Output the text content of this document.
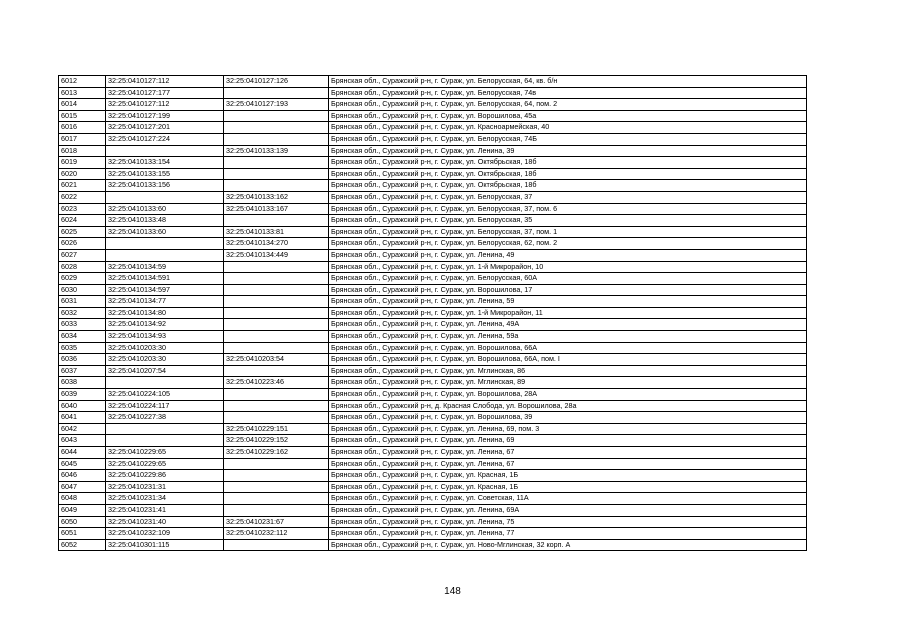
6012	32:25:0410127:112	32:25:0410127:126	Брянская обл., Суражский р-н, г. Сураж, ул. Белорусская, 64, кв. б/н
6013	32:25:0410127:177		Брянская обл., Суражский р-н, г. Сураж, ул. Белорусская, 74в
6014	32:25:0410127:112	32:25:0410127:193	Брянская обл., Суражский р-н, г. Сураж, ул. Белорусская, 64, пом. 2
6015	32:25:0410127:199		Брянская обл., Суражский р-н, г. Сураж, ул. Ворошилова, 45а
6016	32:25:0410127:201		Брянская обл., Суражский р-н, г. Сураж, ул. Красноармейская, 40
6017	32:25:0410127:224		Брянская обл., Суражский р-н, г. Сураж, ул. Белорусская, 74Б
6018		32:25:0410133:139	Брянская обл., Суражский р-н, г. Сураж, ул. Ленина, 39
6019	32:25:0410133:154		Брянская обл., Суражский р-н, г. Сураж, ул. Октябрьская, 18б
6020	32:25:0410133:155		Брянская обл., Суражский р-н, г. Сураж, ул. Октябрьская, 18б
6021	32:25:0410133:156		Брянская обл., Суражский р-н, г. Сураж, ул. Октябрьская, 18б
6022		32:25:0410133:162	Брянская обл., Суражский р-н, г. Сураж, ул. Белорусская, 37
6023	32:25:0410133:60	32:25:0410133:167	Брянская обл., Суражский р-н, г. Сураж, ул. Белорусская, 37, пом. 6
6024	32:25:0410133:48		Брянская обл., Суражский р-н, г. Сураж, ул. Белорусская, 35
6025	32:25:0410133:60	32:25:0410133:81	Брянская обл., Суражский р-н, г. Сураж, ул. Белорусская, 37, пом. 1
6026		32:25:0410134:270	Брянская обл., Суражский р-н, г. Сураж, ул. Белорусская, 62, пом. 2
6027		32:25:0410134:449	Брянская обл., Суражский р-н, г. Сураж, ул. Ленина, 49
6028	32:25:0410134:59		Брянская обл., Суражский р-н, г. Сураж, ул. 1-й Микрорайон, 10
6029	32:25:0410134:591		Брянская обл., Суражский р-н, г. Сураж, ул. Белорусская, 60А
6030	32:25:0410134:597		Брянская обл., Суражский р-н, г. Сураж, ул. Ворошилова, 17
6031	32:25:0410134:77		Брянская обл., Суражский р-н, г. Сураж, ул. Ленина, 59
6032	32:25:0410134:80		Брянская обл., Суражский р-н, г. Сураж, ул. 1-й Микрорайон, 11
6033	32:25:0410134:92		Брянская обл., Суражский р-н, г. Сураж, ул. Ленина, 49А
6034	32:25:0410134:93		Брянская обл., Суражский р-н, г. Сураж, ул. Ленина, 59а
6035	32:25:0410203:30		Брянская обл., Суражский р-н, г. Сураж, ул. Ворошилова, 66А
6036	32:25:0410203:30	32:25:0410203:54	Брянская обл., Суражский р-н, г. Сураж, ул. Ворошилова, 66А, пом. I
6037	32:25:0410207:54		Брянская обл., Суражский р-н, г. Сураж, ул. Мглинская, 86
6038		32:25:0410223:46	Брянская обл., Суражский р-н, г. Сураж, ул. Мглинская, 89
6039	32:25:0410224:105		Брянская обл., Суражский р-н, г. Сураж, ул. Ворошилова, 28А
6040	32:25:0410224:117		Брянская обл., Суражский р-н, д. Красная Слобода, ул. Ворошилова, 28а
6041	32:25:0410227:38		Брянская обл., Суражский р-н, г. Сураж, ул. Ворошилова, 39
6042		32:25:0410229:151	Брянская обл., Суражский р-н, г. Сураж, ул. Ленина, 69, пом. 3
6043		32:25:0410229:152	Брянская обл., Суражский р-н, г. Сураж, ул. Ленина, 69
6044	32:25:0410229:65	32:25:0410229:162	Брянская обл., Суражский р-н, г. Сураж, ул. Ленина, 67
6045	32:25:0410229:65		Брянская обл., Суражский р-н, г. Сураж, ул. Ленина, 67
6046	32:25:0410229:86		Брянская обл., Суражский р-н, г. Сураж, ул. Красная, 1Б
6047	32:25:0410231:31		Брянская обл., Суражский р-н, г. Сураж, ул. Красная, 1Б
6048	32:25:0410231:34		Брянская обл., Суражский р-н, г. Сураж, ул. Советская, 11А
6049	32:25:0410231:41		Брянская обл., Суражский р-н, г. Сураж, ул. Ленина, 69А
6050	32:25:0410231:40	32:25:0410231:67	Брянская обл., Суражский р-н, г. Сураж, ул. Ленина, 75
6051	32:25:0410232:109	32:25:0410232:112	Брянская обл., Суражский р-н, г. Сураж, ул. Ленина, 77
6052	32:25:0410301:115		Брянская обл., Суражский р-н, г. Сураж, ул. Ново-Мглинская, 32 корп. А
148
